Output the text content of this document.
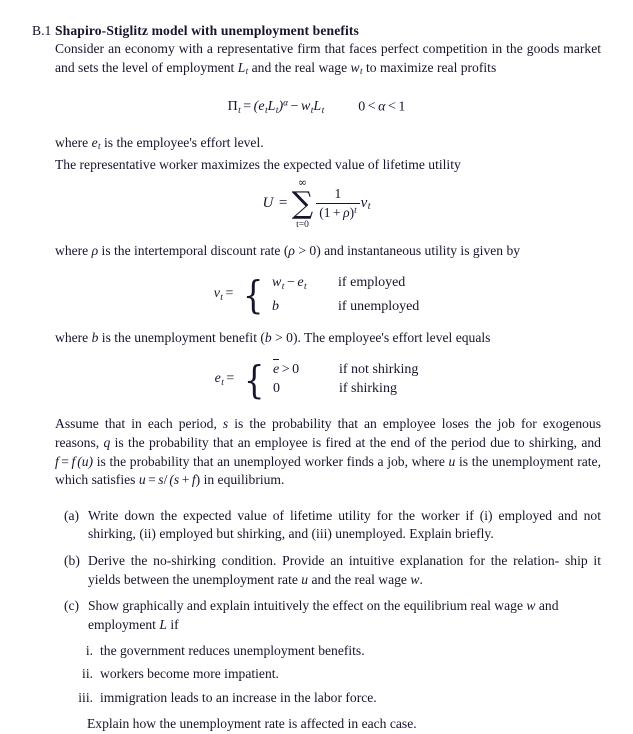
B.1 Shapiro-Stiglitz model with unemployment benefits
Consider an economy with a representative firm that faces perfect competition in the goods market and sets the level of employment $L_t$ and the real wage $w_t$ to maximize real profits
$\Pi_t = (e_tL_t)^\alpha - w_tL_t$ 0 < α < 1
where $e_t$ is the employee's effort level.
The representative worker maximizes the expected value of lifetime utility
U =
∞
∑
t=0
$\frac{1}{(1 + \rho)^t} v_t$
where ρ is the intertemporal discount rate (ρ > 0) and instantaneous utility is given by
$v_t$ = { $w_t - e_t$	if employed
b	if unemployed
where b is the unemployment benefit (b > 0). The employee's effort level equals
$e_t$ = { e > 0	if not shirking
0	if shirking
Assume that in each period, s is the probability that an employee loses the job for exogenous reasons, q is the probability that an employee is fired at the end of the period due to shirking, and f = f (u) is the probability that an unemployed worker finds a job, where u is the unemployment rate, which satisfies u = s/ (s + f) in equilibrium.
(a) Write down the expected value of lifetime utility for the worker if (i) employed and not shirking, (ii) employed but shirking, and (iii) unemployed. Explain briefly.
(b) Derive the no-shirking condition. Provide an intuitive explanation for the relation- ship it yields between the unemployment rate u and the real wage w.
(c) Show graphically and explain intuitively the effect on the equilibrium real wage w and employment L if
i. the government reduces unemployment benefits.
ii. workers become more impatient.
iii. immigration leads to an increase in the labor force.
Explain how the unemployment rate is affected in each case.
